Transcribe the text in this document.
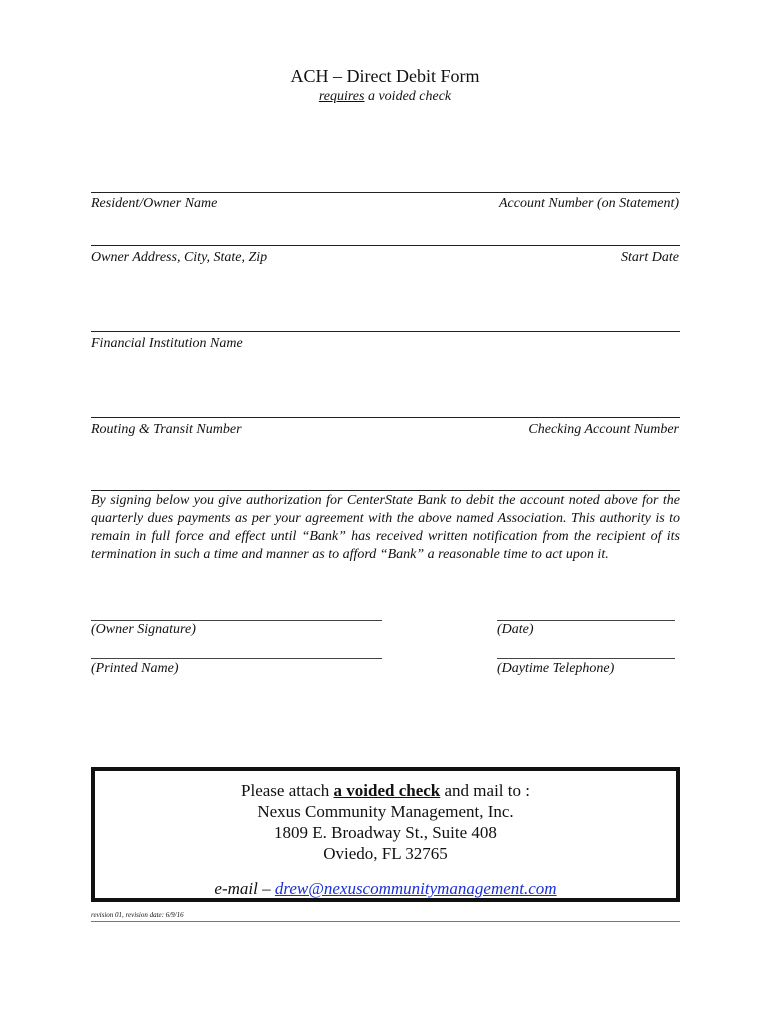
ACH – Direct Debit Form
requires a voided check
Resident/Owner Name	Account Number (on Statement)
Owner Address, City, State, Zip	Start Date
Financial Institution Name
Routing & Transit Number	Checking Account Number
By signing below you give authorization for CenterState Bank to debit the account noted above for the quarterly dues payments as per your agreement with the above named Association. This authority is to remain in full force and effect until “Bank” has received written notification from the recipient of its termination in such a time and manner as to afford “Bank” a reasonable time to act upon it.
(Owner Signature)	(Date)
(Printed Name)	(Daytime Telephone)
Please attach a voided check and mail to :
Nexus Community Management, Inc.
1809 E. Broadway St., Suite 408
Oviedo, FL 32765
e-mail – drew@nexuscommunitymanagement.com
revision 01, revision date: 6/9/16
